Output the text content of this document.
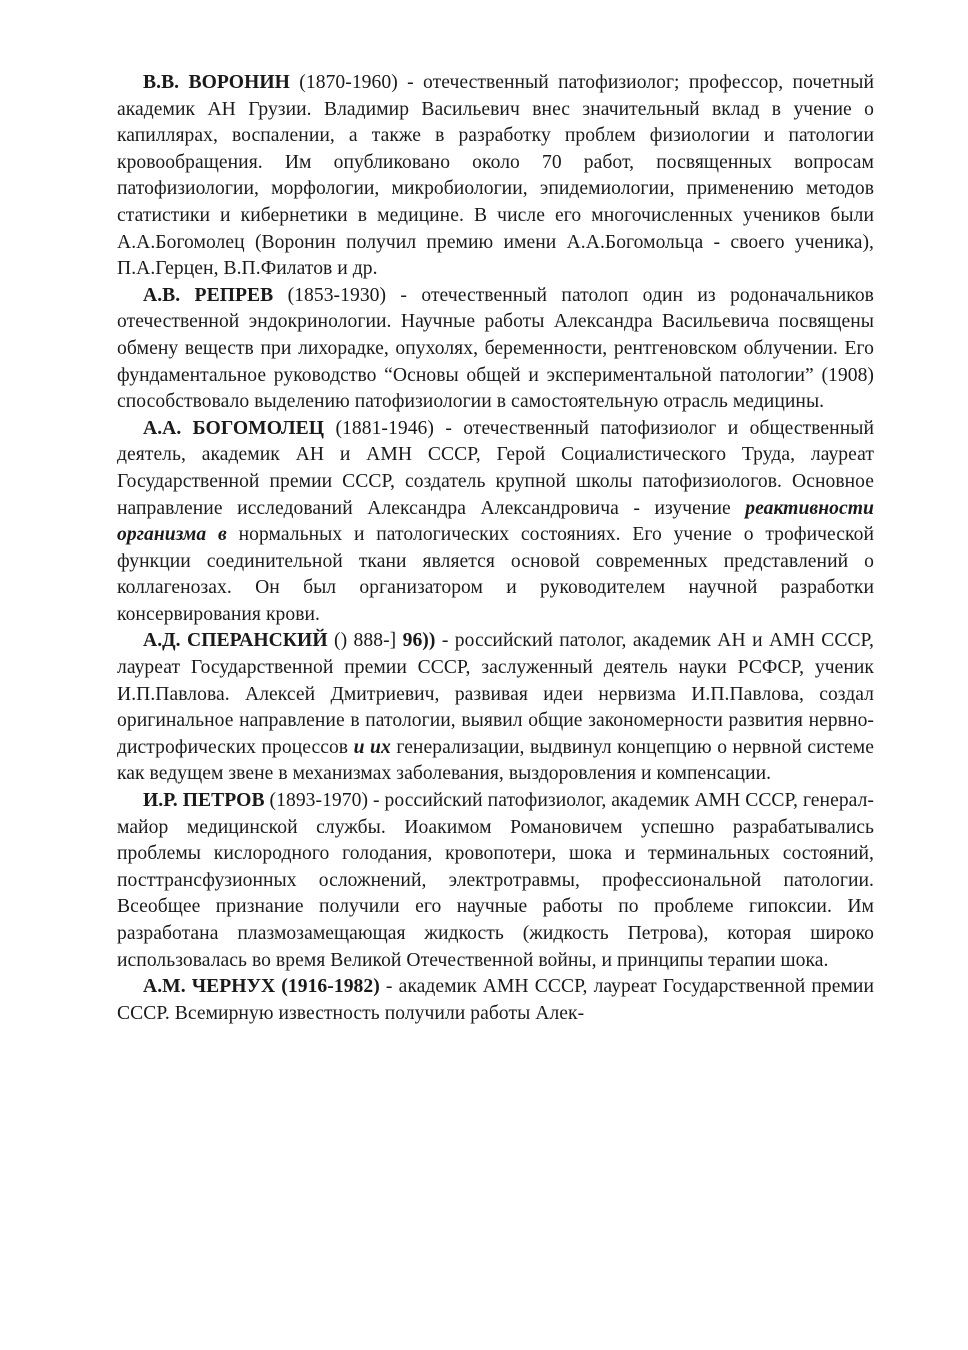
В.В. ВОРОНИН (1870-1960) - отечественный патофизиолог; профессор, почетный академик АН Грузии. Владимир Васильевич внес значительный вклад в учение о капиллярах, воспалении, а также в разработку проблем физиологии и патологии кровообращения. Им опубликовано около 70 работ, посвященных вопросам патофизиологии, морфологии, микробиологии, эпидемиологии, применению методов статистики и кибернетики в медицине. В числе его многочисленных учеников были А.А.Богомолец (Воронин получил премию имени А.А.Богомольца - своего ученика), П.А.Герцен, В.П.Филатов и др.

А.В. РЕПРЕВ (1853-1930) - отечественный патолоп один из родоначальников отечественной эндокринологии. Научные работы Александра Васильевича посвящены обмену веществ при лихорадке, опухолях, беременности, рентгеновском облучении. Его фундаментальное руководство “Основы общей и экспериментальной патологии” (1908) способствовало выделению патофизиологии в самостоятельную отрасль медицины.

А.А. БОГОМОЛЕЦ (1881-1946) - отечественный патофизиолог и общественный деятель, академик АН и АМН СССР, Герой Социалистического Труда, лауреат Государственной премии СССР, создатель крупной школы патофизиологов. Основное направление исследований Александра Александровича - изучение реактивности организма в нормальных и патологических состояниях. Его учение о трофической функции соединительной ткани является основой современных представлений о коллагенозах. Он был организатором и руководителем научной разработки консервирования крови.

А.Д. СПЕРАНСКИЙ () 888-] 96)) - российский патолог, академик АН и АМН СССР, лауреат Государственной премии СССР, заслуженный деятель науки РСФСР, ученик И.П.Павлова. Алексей Дмитриевич, развивая идеи нервизма И.П.Павлова, создал оригинальное направление в патологии, выявил общие закономерности развития нервно-дистрофических процессов и их генерализации, выдвинул концепцию о нервной системе как ведущем звене в механизмах заболевания, выздоровления и компенсации.

И.Р. ПЕТРОВ (1893-1970) - российский патофизиолог, академик АМН СССР, генерал-майор медицинской службы. Иоакимом Романовичем успешно разрабатывались проблемы кислородного голодания, кровопотери, шока и терминальных состояний, посттрансфузионных осложнений, электротравмы, профессиональной патологии. Всеобщее признание получили его научные работы по проблеме гипоксии. Им разработана плазмозамещающая жидкость (жидкость Петрова), которая широко использовалась во время Великой Отечественной войны, и принципы терапии шока.

А.М. ЧЕРНУХ (1916-1982) - академик АМН СССР, лауреат Государственной премии СССР. Всемирную известность получили работы Алек-
